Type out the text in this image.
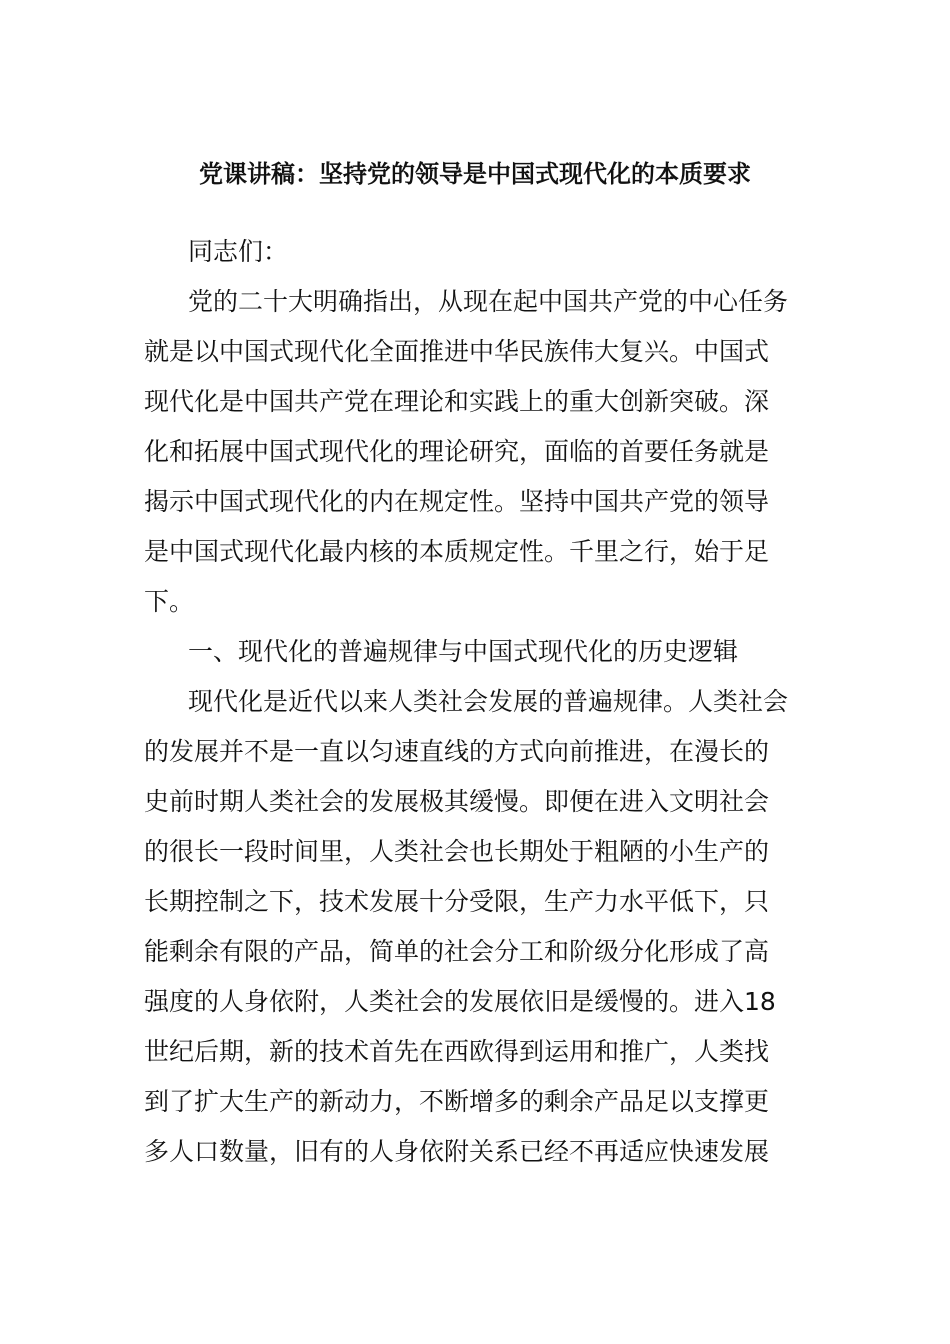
党课讲稿：坚持党的领导是中国式现代化的本质要求
同志们：
党的二十大明确指出，从现在起中国共产党的中心任务
就是以中国式现代化全面推进中华民族伟大复兴。中国式
现代化是中国共产党在理论和实践上的重大创新突破。深
化和拓展中国式现代化的理论研究，面临的首要任务就是
揭示中国式现代化的内在规定性。坚持中国共产党的领导
是中国式现代化最内核的本质规定性。千里之行，始于足
下。
一、现代化的普遍规律与中国式现代化的历史逻辑
现代化是近代以来人类社会发展的普遍规律。人类社会
的发展并不是一直以匀速直线的方式向前推进，在漫长的
史前时期人类社会的发展极其缓慢。即便在进入文明社会
的很长一段时间里，人类社会也长期处于粗陋的小生产的
长期控制之下，技术发展十分受限，生产力水平低下，只
能剩余有限的产品，简单的社会分工和阶级分化形成了高
强度的人身依附，人类社会的发展依旧是缓慢的。进入18
世纪后期，新的技术首先在西欧得到运用和推广，人类找
到了扩大生产的新动力，不断增多的剩余产品足以支撑更
多人口数量，旧有的人身依附关系已经不再适应快速发展
